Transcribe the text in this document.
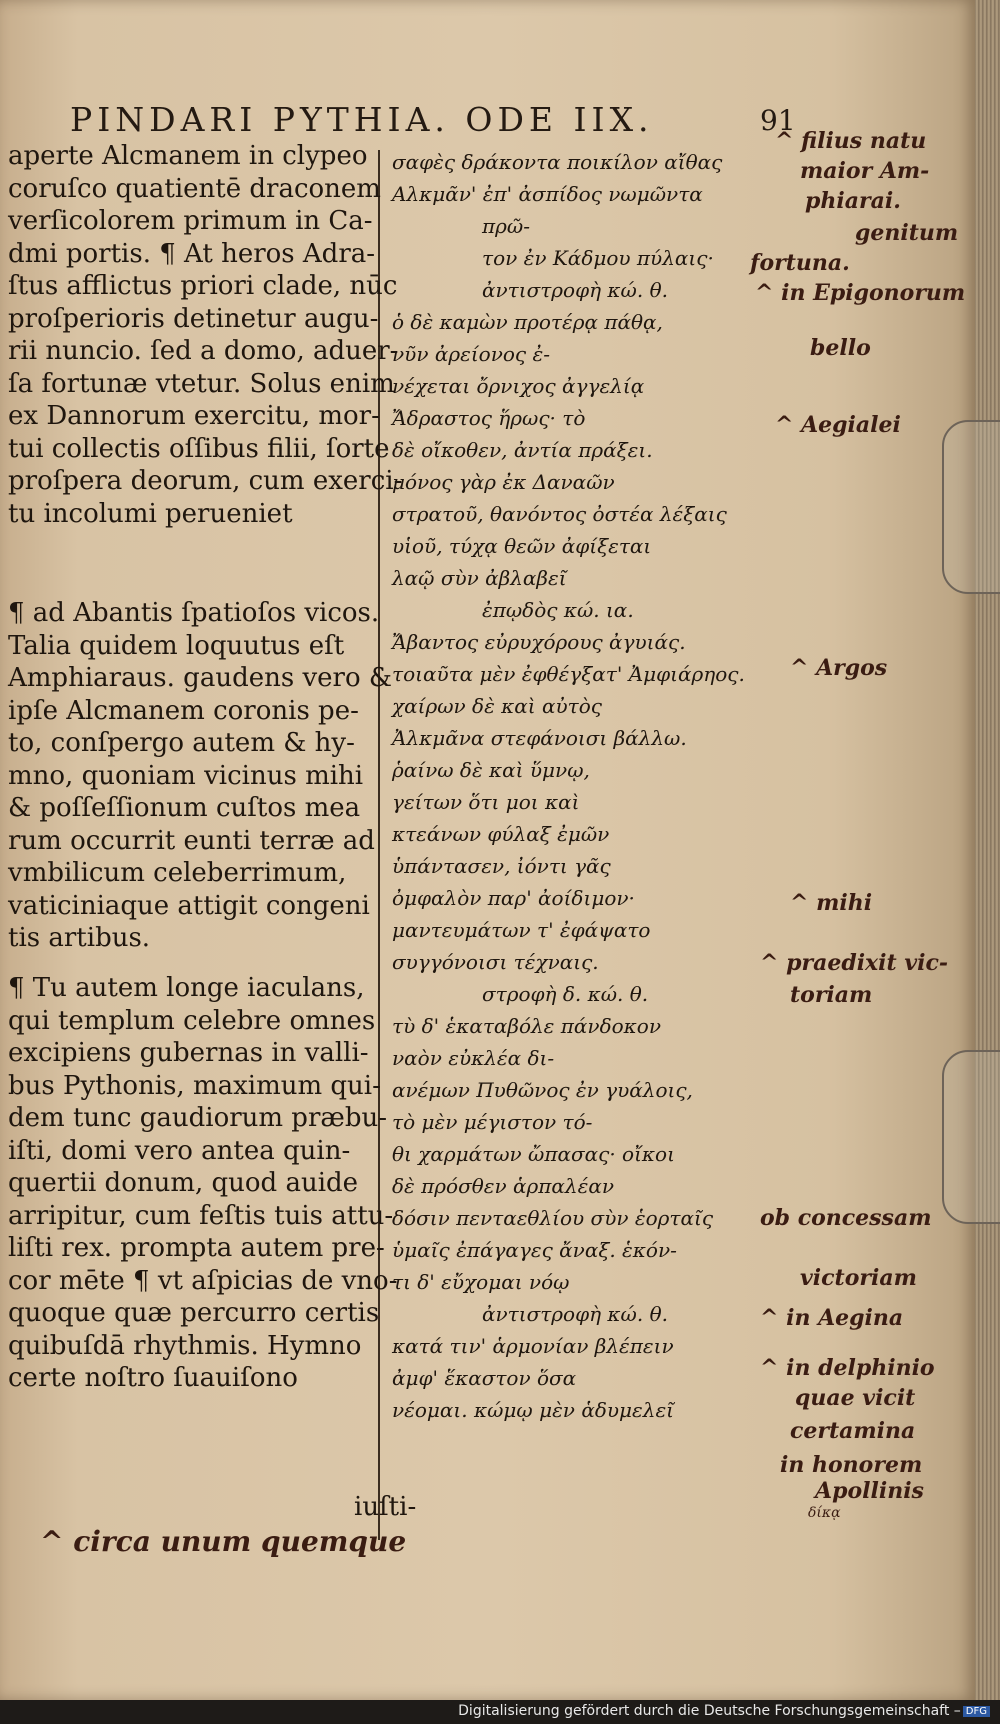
PINDARI PYTHIA. ODE IIX.	91
aperte Alcmanem in clypeo
coruſco quatientē draconem
verſicolorem primum in Ca-
dmi portis. ¶ At heros Adra-
ſtus afflictus priori clade, nūc
proſperioris detinetur augu-
rii nuncio. ſed a domo, aduer-
ſa fortunæ vtetur. Solus enim
ex Dannorum exercitu, mor-
tui collectis oſſibus filii, ſorte
proſpera deorum, cum exerci-
tu incolumi perueniet
¶ ad Abantis ſpatioſos vicos.
Talia quidem loquutus eſt
Amphiaraus. gaudens vero &
ipſe Alcmanem coronis pe-
to, conſpergo autem & hy-
mno, quoniam vicinus mihi
& poſſeſſionum cuſtos mea
rum occurrit eunti terræ ad
vmbilicum celeberrimum,
vaticiniaque attigit congeni
tis artibus.
¶ Tu autem longe iaculans,
qui templum celebre omnes
excipiens gubernas in valli-
bus Pythonis, maximum qui-
dem tunc gaudiorum præbu-
iſti, domi vero antea quin-
quertii donum, quod auide
arripitur, cum feſtis tuis attu-
liſti rex. prompta autem pre-
cor mēte ¶ vt aſpicias de vno-
quoque quæ percurro certis
quibuſdā rhythmis. Hymno
certe noſtro ſuauiſono
σαφὲς δράκοντα ποικίλον αἴθας
Αλκμᾶν' ἐπ' ἀσπίδος νωμῶντα
πρῶ-
τον ἐν Κάδμου πύλαις·
ἀντιστροφὴ κώ. θ.
ὁ δὲ καμὼν προτέρᾳ πάθᾳ,
νῦν ἀρείονος ἐ-
νέχεται ὄρνιχος ἀγγελίᾳ
Ἄδραστος ἥρως· τὸ
δὲ οἴκοθεν, ἀντία πράξει.
μόνος γὰρ ἐκ Δαναῶν
στρατοῦ, θανόντος ὀστέα λέξαις
υἱοῦ, τύχᾳ θεῶν ἀφίξεται
λαῷ σὺν ἀβλαβεῖ
ἐπῳδὸς κώ. ια.
Ἄβαντος εὐρυχόρους ἀγυιάς.
τοιαῦτα μὲν ἐφθέγξατ' Ἀμφιάρηος.
χαίρων δὲ καὶ αὐτὸς
Ἀλκμᾶνα στεφάνοισι βάλλω.
ῥαίνω δὲ καὶ ὕμνῳ,
γείτων ὅτι μοι καὶ
κτεάνων φύλαξ ἐμῶν
ὑπάντασεν, ἰόντι γᾶς
ὀμφαλὸν παρ' ἀοίδιμον·
μαντευμάτων τ' ἐφάψατο
συγγόνοισι τέχναις.
στροφὴ δ. κώ. θ.
τὺ δ' ἑκαταβόλε πάνδοκον
ναὸν εὐκλέα δι-
ανέμων Πυθῶνος ἐν γυάλοις,
τὸ μὲν μέγιστον τό-
θι χαρμάτων ὤπασας· οἴκοι
δὲ πρόσθεν ἁρπαλέαν
δόσιν πενταεθλίου σὺν ἑορταῖς
ὑμαῖς ἐπάγαγες ἄναξ. ἑκόν-
τι δ' εὔχομαι νόῳ
ἀντιστροφὴ κώ. θ.
κατά τιν' ἁρμονίαν βλέπειν
ἀμφ' ἕκαστον ὅσα
νέομαι. κώμῳ μὲν ἁδυμελεῖ
^ filius natu
maior Am-
phiarai.
genitum
fortuna.
^ in Epigonorum
bello
^ Aegialei
^ Argos
^ mihi
^ praedixit vic-
toriam
ob concessam
victoriam
^ in Aegina
^ in delphinio
quae vicit
certamina
in honorem
Apollinis
δίκᾳ
iuſti-
^ circa unum quemque
Digitalisierung gefördert durch die Deutsche Forschungsgemeinschaft – DFG
